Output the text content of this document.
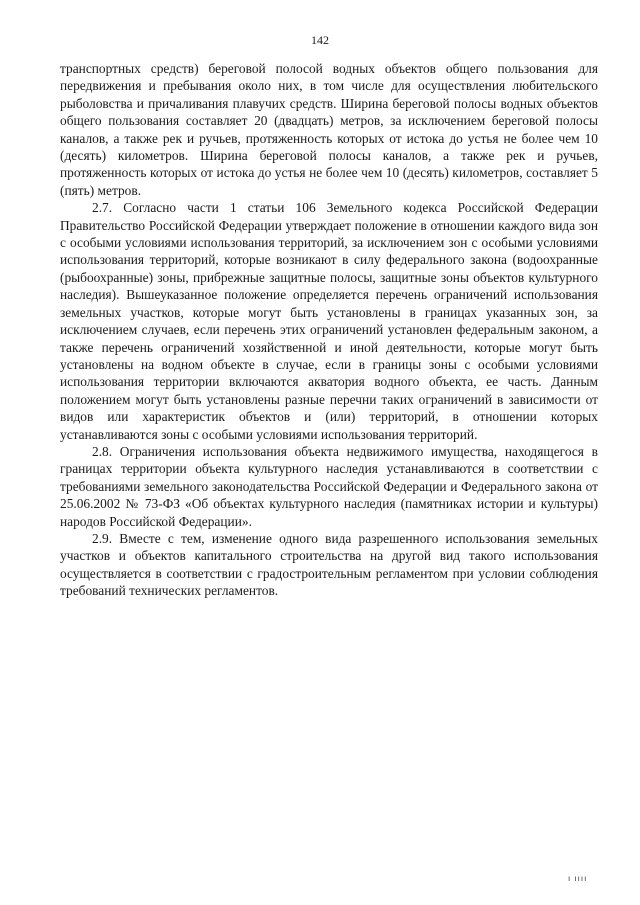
142

транспортных средств) береговой полосой водных объектов общего пользования для передвижения и пребывания около них, в том числе для осуществления любительского рыболовства и причаливания плавучих средств. Ширина береговой полосы водных объектов общего пользования составляет 20 (двадцать) метров, за исключением береговой полосы каналов, а также рек и ручьев, протяженность которых от истока до устья не более чем 10 (десять) километров. Ширина береговой полосы каналов, а также рек и ручьев, протяженность которых от истока до устья не более чем 10 (десять) километров, составляет 5 (пять) метров.

2.7. Согласно части 1 статьи 106 Земельного кодекса Российской Федерации Правительство Российской Федерации утверждает положение в отношении каждого вида зон с особыми условиями использования территорий, за исключением зон с особыми условиями использования территорий, которые возникают в силу федерального закона (водоохранные (рыбоохранные) зоны, прибрежные защитные полосы, защитные зоны объектов культурного наследия). Вышеуказанное положение определяется перечень ограничений использования земельных участков, которые могут быть установлены в границах указанных зон, за исключением случаев, если перечень этих ограничений установлен федеральным законом, а также перечень ограничений хозяйственной и иной деятельности, которые могут быть установлены на водном объекте в случае, если в границы зоны с особыми условиями использования территории включаются акватория водного объекта, ее часть. Данным положением могут быть установлены разные перечни таких ограничений в зависимости от видов или характеристик объектов и (или) территорий, в отношении которых устанавливаются зоны с особыми условиями использования территорий.

2.8. Ограничения использования объекта недвижимого имущества, находящегося в границах территории объекта культурного наследия устанавливаются в соответствии с требованиями земельного законодательства Российской Федерации и Федерального закона от 25.06.2002 № 73-ФЗ «Об объектах культурного наследия (памятниках истории и культуры) народов Российской Федерации».

2.9. Вместе с тем, изменение одного вида разрешенного использования земельных участков и объектов капитального строительства на другой вид такого использования осуществляется в соответствии с градостроительным регламентом при условии соблюдения требований технических регламентов.

ı ıııı
